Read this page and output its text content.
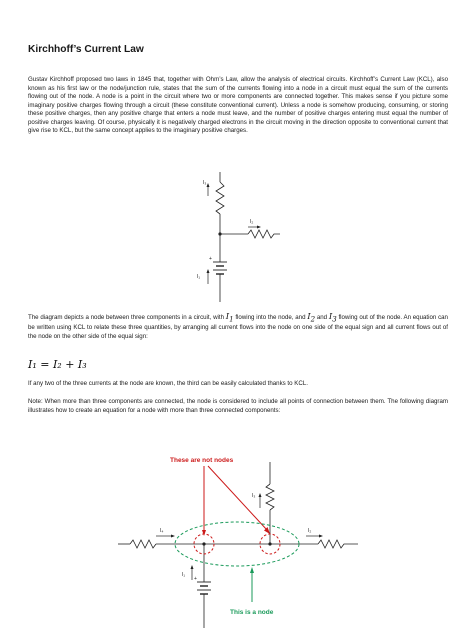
Kirchhoff’s Current Law

Gustav Kirchhoff proposed two laws in 1845 that, together with Ohm’s Law, allow the analysis of electrical circuits. Kirchhoff’s Current Law (KCL), also known as his first law or the node/junction rule, states that the sum of the currents flowing into a node in a circuit must equal the sum of the currents flowing out of the node. A node is a point in the circuit where two or more components are connected together. This makes sense if you picture some imaginary positive charges flowing through a circuit (these constitute conventional current). Unless a node is somehow producing, consuming, or storing these positive charges, then any positive charge that enters a node must leave, and the number of positive charges entering must equal the number of positive charges leaving. Of course, physically it is negatively charged electrons in the circuit moving in the direction opposite to conventional current that give rise to KCL, but the same concept applies to the imaginary positive charges.

I₃
I₂
+
I₁

The diagram depicts a node between three components in a circuit, with $I_1$ flowing into the node, and $I_2$ and $I_3$ flowing out of the node. An equation can be written using KCL to relate these three quantities, by arranging all current flows into the node on one side of the equal sign and all current flows out of the node on the other side of the equal sign:

I₁ = I₂ + I₃

If any two of the three currents at the node are known, the third can be easily calculated thanks to KCL.

Note: When more than three components are connected, the node is considered to include all points of connection between them. The following diagram illustrates how to create an equation for a node with more than three connected components:

These are not nodes
+
I₄
I₃
I₂
I₁
This is a node
